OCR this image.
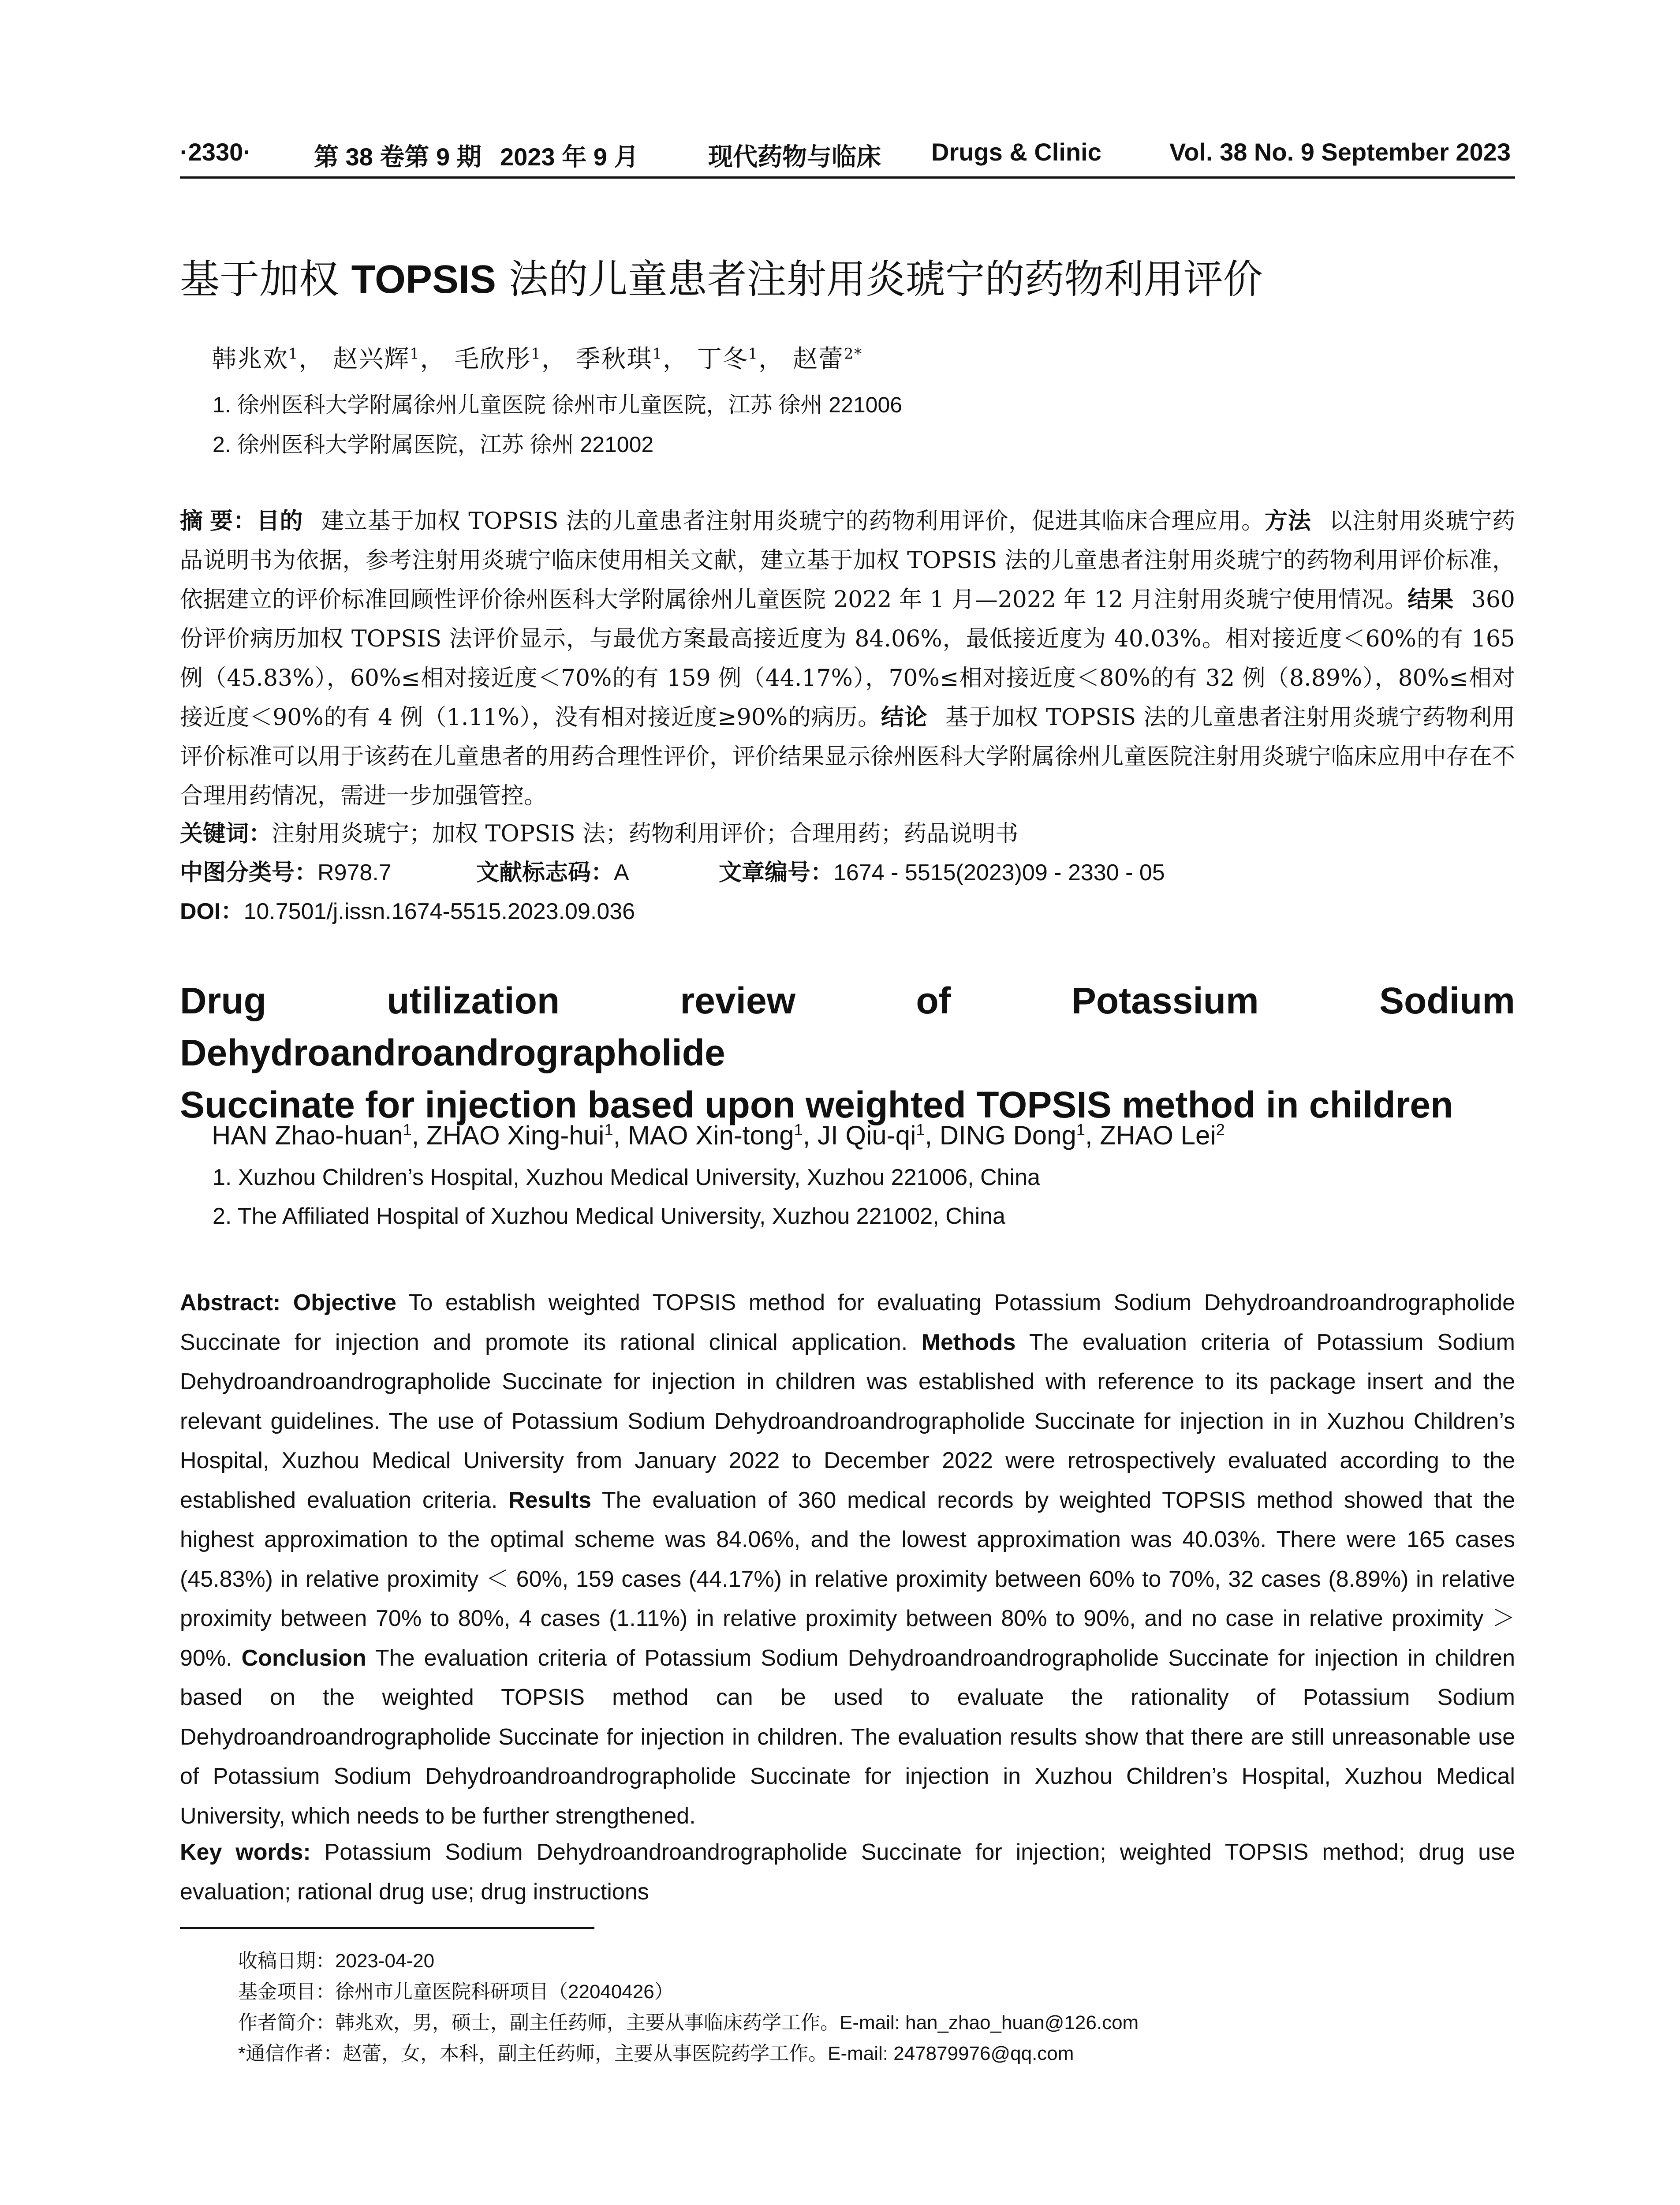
·2330·	第 38 卷第 9 期 2023 年 9 月	现代药物与临床 Drugs & Clinic	Vol. 38 No. 9 September 2023
基于加权 TOPSIS 法的儿童患者注射用炎琥宁的药物利用评价
韩兆欢$^1$， 赵兴辉$^1$， 毛欣彤$^1$， 季秋琪$^1$， 丁冬$^1$， 赵蕾$^{2*}$
1. 徐州医科大学附属徐州儿童医院 徐州市儿童医院，江苏 徐州 221006
2. 徐州医科大学附属医院，江苏 徐州 221002
摘 要：目的 建立基于加权 TOPSIS 法的儿童患者注射用炎琥宁的药物利用评价，促进其临床合理应用。方法 以注射用炎琥宁药品说明书为依据，参考注射用炎琥宁临床使用相关文献，建立基于加权 TOPSIS 法的儿童患者注射用炎琥宁的药物利用评价标准，依据建立的评价标准回顾性评价徐州医科大学附属徐州儿童医院 2022 年 1 月—2022 年 12 月注射用炎琥宁使用情况。结果 360 份评价病历加权 TOPSIS 法评价显示，与最优方案最高接近度为 84.06%，最低接近度为 40.03%。相对接近度＜60%的有 165 例（45.83%），60%≤相对接近度＜70%的有 159 例（44.17%），70%≤相对接近度＜80%的有 32 例（8.89%），80%≤相对接近度＜90%的有 4 例（1.11%），没有相对接近度≥90%的病历。结论 基于加权 TOPSIS 法的儿童患者注射用炎琥宁药物利用评价标准可以用于该药在儿童患者的用药合理性评价，评价结果显示徐州医科大学附属徐州儿童医院注射用炎琥宁临床应用中存在不合理用药情况，需进一步加强管控。
关键词：注射用炎琥宁；加权 TOPSIS 法；药物利用评价；合理用药；药品说明书
中图分类号：R978.7	文献标志码：A	文章编号：1674 - 5515(2023)09 - 2330 - 05
DOI：10.7501/j.issn.1674-5515.2023.09.036
Drug utilization review of Potassium Sodium Dehydroandroandrographolide
Succinate for injection based upon weighted TOPSIS method in children
HAN Zhao-huan$^1$, ZHAO Xing-hui$^1$, MAO Xin-tong$^1$, JI Qiu-$qi^1$, DING Dong$^1$, ZHAO Lei$^2$
1. Xuzhou Children’s Hospital, Xuzhou Medical University, Xuzhou 221006, China
2. The Affiliated Hospital of Xuzhou Medical University, Xuzhou 221002, China
Abstract: Objective To establish weighted TOPSIS method for evaluating Potassium Sodium Dehydroandroandrographolide Succinate for injection and promote its rational clinical application. Methods The evaluation criteria of Potassium Sodium Dehydroandroandrographolide Succinate for injection in children was established with reference to its package insert and the relevant guidelines. The use of Potassium Sodium Dehydroandroandrographolide Succinate for injection in in Xuzhou Children’s Hospital, Xuzhou Medical University from January 2022 to December 2022 were retrospectively evaluated according to the established evaluation criteria. Results The evaluation of 360 medical records by weighted TOPSIS method showed that the highest approximation to the optimal scheme was 84.06%, and the lowest approximation was 40.03%. There were 165 cases (45.83%) in relative proximity ＜ 60%, 159 cases (44.17%) in relative proximity between 60% to 70%, 32 cases (8.89%) in relative proximity between 70% to 80%, 4 cases (1.11%) in relative proximity between 80% to 90%, and no case in relative proximity ＞ 90%. Conclusion The evaluation criteria of Potassium Sodium Dehydroandroandrographolide Succinate for injection in children based on the weighted TOPSIS method can be used to evaluate the rationality of Potassium Sodium Dehydroandroandrographolide Succinate for injection in children. The evaluation results show that there are still unreasonable use of Potassium Sodium Dehydroandroandrographolide Succinate for injection in Xuzhou Children’s Hospital, Xuzhou Medical University, which needs to be further strengthened.
Key words: Potassium Sodium Dehydroandroandrographolide Succinate for injection; weighted TOPSIS method; drug use evaluation; rational drug use; drug instructions
收稿日期：2023-04-20
基金项目：徐州市儿童医院科研项目（22040426）
作者简介：韩兆欢，男，硕士，副主任药师，主要从事临床药学工作。E-mail: han_zhao_huan@126.com
*通信作者：赵蕾，女，本科，副主任药师，主要从事医院药学工作。E-mail: 247879976@qq.com
